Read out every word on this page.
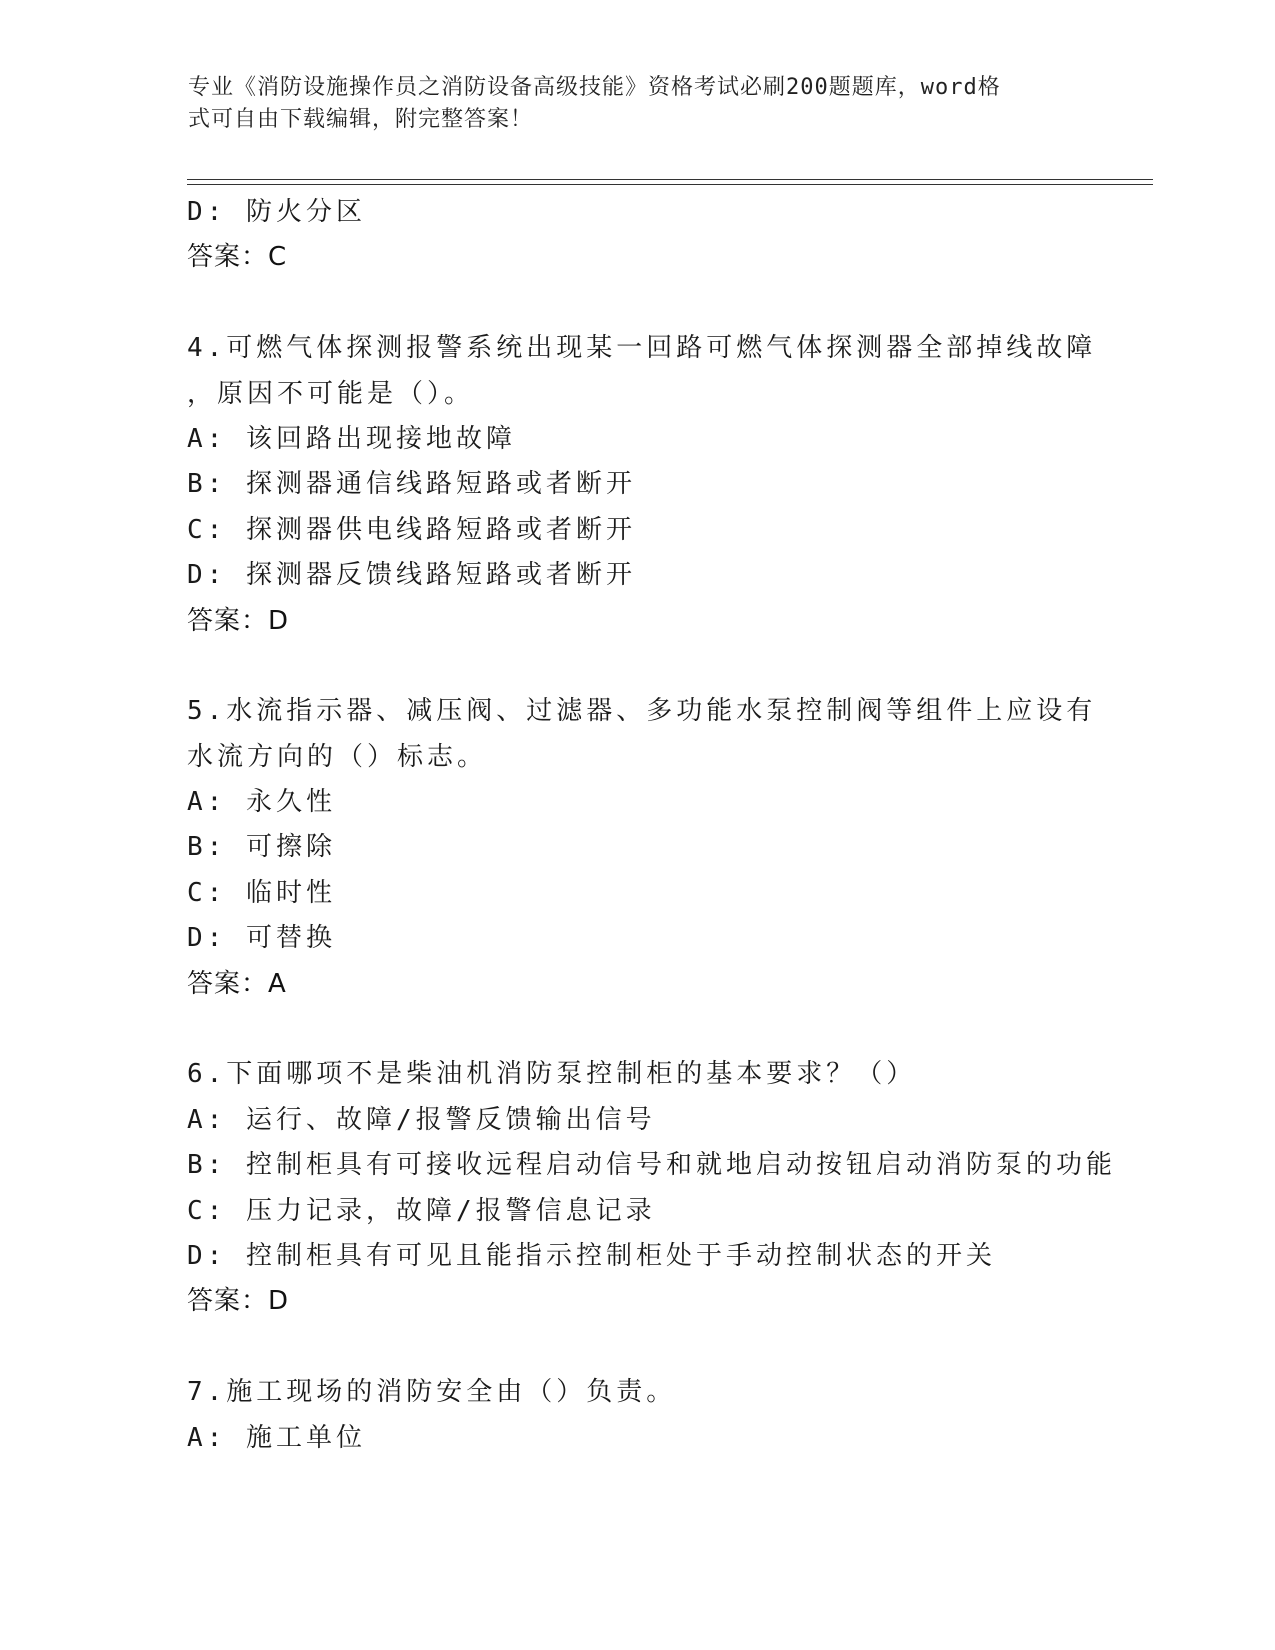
专业《消防设施操作员之消防设备高级技能》资格考试必刷200题题库，word格
式可自由下载编辑，附完整答案！
D: 防火分区
答案：C
4.可燃气体探测报警系统出现某一回路可燃气体探测器全部掉线故障
，原因不可能是（）。
A: 该回路出现接地故障
B: 探测器通信线路短路或者断开
C: 探测器供电线路短路或者断开
D: 探测器反馈线路短路或者断开
答案：D
5.水流指示器、减压阀、过滤器、多功能水泵控制阀等组件上应设有
水流方向的（）标志。
A: 永久性
B: 可擦除
C: 临时性
D: 可替换
答案：A
6.下面哪项不是柴油机消防泵控制柜的基本要求？（）
A: 运行、故障/报警反馈输出信号
B: 控制柜具有可接收远程启动信号和就地启动按钮启动消防泵的功能
C: 压力记录，故障/报警信息记录
D: 控制柜具有可见且能指示控制柜处于手动控制状态的开关
答案：D
7.施工现场的消防安全由（）负责。
A: 施工单位
